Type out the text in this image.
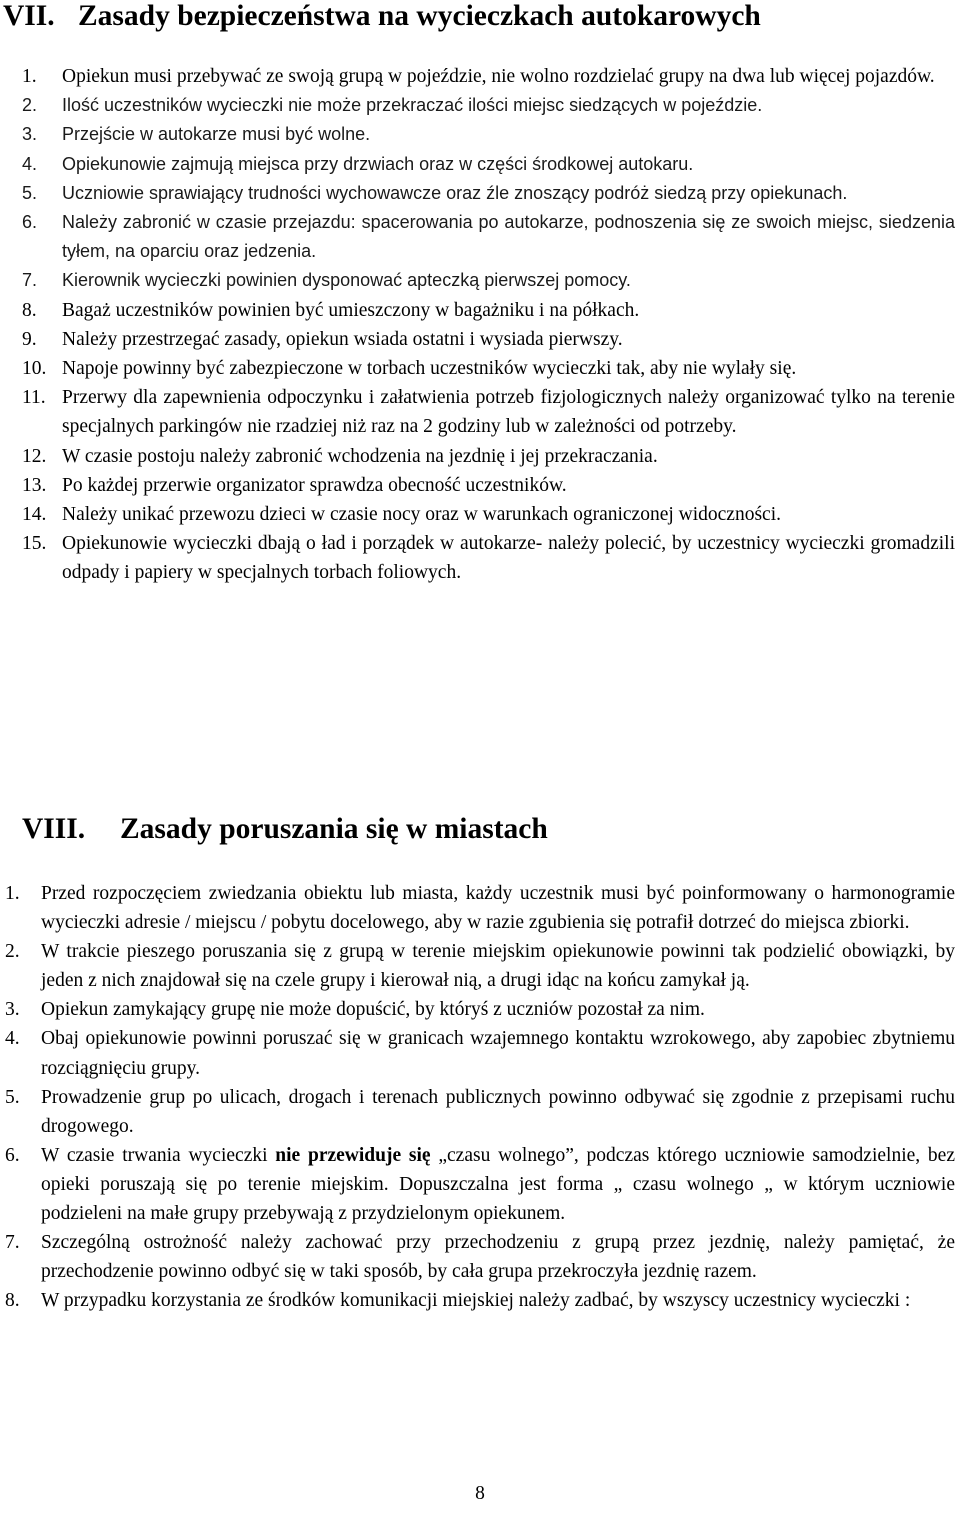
VII. Zasady bezpieczeństwa na wycieczkach autokarowych
1. Opiekun musi przebywać ze swoją grupą w pojeździe, nie wolno rozdzielać grupy na dwa lub więcej pojazdów.
2. Ilość uczestników wycieczki nie może przekraczać ilości miejsc siedzących w pojeździe.
3. Przejście w autokarze musi być wolne.
4. Opiekunowie zajmują miejsca przy drzwiach oraz w części środkowej autokaru.
5. Uczniowie sprawiający trudności wychowawcze oraz źle znoszący podróż siedzą przy opiekunach.
6. Należy zabronić w czasie przejazdu: spacerowania po autokarze, podnoszenia się ze swoich miejsc, siedzenia tyłem, na oparciu oraz jedzenia.
7. Kierownik wycieczki powinien dysponować apteczką pierwszej pomocy.
8. Bagaż uczestników powinien być umieszczony w bagażniku i na półkach.
9. Należy przestrzegać zasady, opiekun wsiada ostatni i wysiada pierwszy.
10. Napoje powinny być zabezpieczone w torbach uczestników wycieczki tak, aby nie wylały się.
11. Przerwy dla zapewnienia odpoczynku i załatwienia potrzeb fizjologicznych należy organizować tylko na terenie specjalnych parkingów nie rzadziej niż raz na 2 godziny lub w zależności od potrzeby.
12. W czasie postoju należy zabronić wchodzenia na jezdnię i jej przekraczania.
13. Po każdej przerwie organizator sprawdza obecność uczestników.
14. Należy unikać przewozu dzieci w czasie nocy oraz w warunkach ograniczonej widoczności.
15. Opiekunowie wycieczki dbają o ład i porządek w autokarze- należy polecić, by uczestnicy wycieczki gromadzili odpady i papiery w specjalnych torbach foliowych.
VIII. Zasady poruszania się w miastach
1. Przed rozpoczęciem zwiedzania obiektu lub miasta, każdy uczestnik musi być poinformowany o harmonogramie wycieczki adresie / miejscu / pobytu docelowego, aby w razie zgubienia się potrafił dotrzeć do miejsca zbiorki.
2. W trakcie pieszego poruszania się z grupą w terenie miejskim opiekunowie powinni tak podzielić obowiązki, by jeden z nich znajdował się na czele grupy i kierował nią, a drugi idąc na końcu zamykał ją.
3. Opiekun zamykający grupę nie może dopuścić, by któryś z uczniów pozostał za nim.
4. Obaj opiekunowie powinni poruszać się w granicach wzajemnego kontaktu wzrokowego, aby zapobiec zbytniemu rozciągnięciu grupy.
5. Prowadzenie grup po ulicach, drogach i terenach publicznych powinno odbywać się zgodnie z przepisami ruchu drogowego.
6. W czasie trwania wycieczki nie przewiduje się „czasu wolnego”, podczas którego uczniowie samodzielnie, bez opieki poruszają się po terenie miejskim. Dopuszczalna jest forma „ czasu wolnego „ w którym uczniowie podzieleni na małe grupy przebywają z przydzielonym opiekunem.
7. Szczególną ostrożność należy zachować przy przechodzeniu z grupą przez jezdnię, należy pamiętać, że przechodzenie powinno odbyć się w taki sposób, by cała grupa przekroczyła jezdnię razem.
8. W przypadku korzystania ze środków komunikacji miejskiej należy zadbać, by wszyscy uczestnicy wycieczki :
8
